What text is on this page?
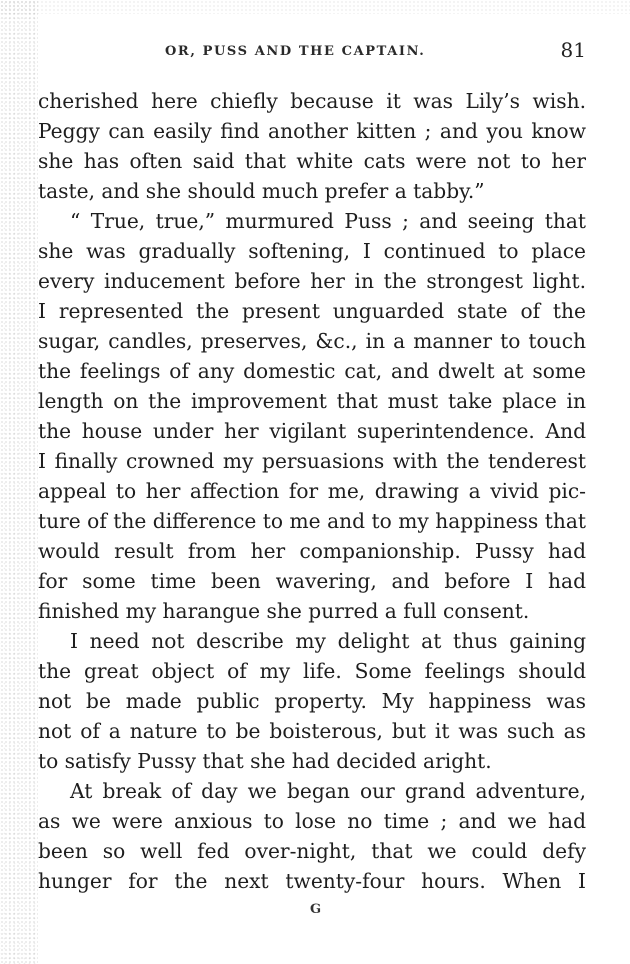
OR, PUSS AND THE CAPTAIN.	81
cherished here chiefly because it was Lily’s wish.
Peggy can easily find another kitten ; and you know
she has often said that white cats were not to her
taste, and she should much prefer a tabby.”
“ True, true,” murmured Puss ; and seeing that
she was gradually softening, I continued to place
every inducement before her in the strongest light.
I represented the present unguarded state of the
sugar, candles, preserves, &c., in a manner to touch
the feelings of any domestic cat, and dwelt at some
length on the improvement that must take place in
the house under her vigilant superintendence. And
I finally crowned my persuasions with the tenderest
appeal to her affection for me, drawing a vivid pic-
ture of the difference to me and to my happiness that
would result from her companionship. Pussy had
for some time been wavering, and before I had
finished my harangue she purred a full consent.
I need not describe my delight at thus gaining
the great object of my life. Some feelings should
not be made public property. My happiness was
not of a nature to be boisterous, but it was such as
to satisfy Pussy that she had decided aright.
At break of day we began our grand adventure,
as we were anxious to lose no time ; and we had
been so well fed over-night, that we could defy
hunger for the next twenty-four hours. When I
G
